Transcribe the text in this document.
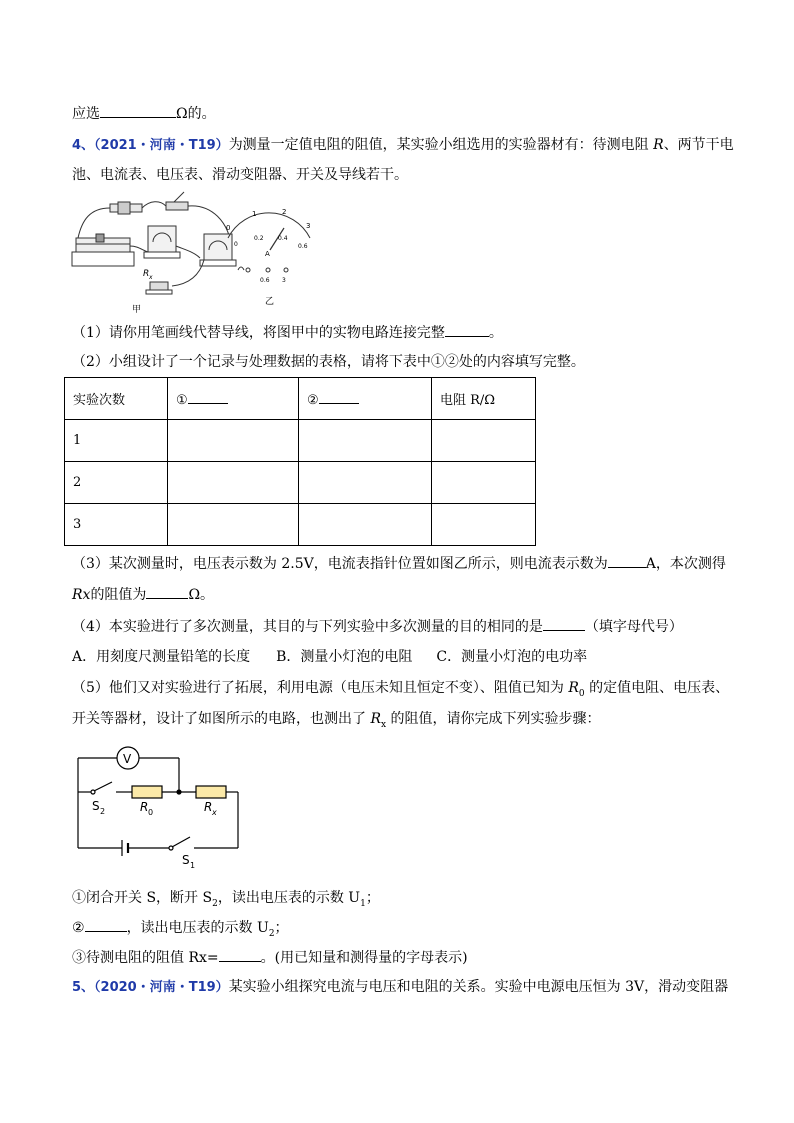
应选	Ω的。
4、（2021・河南・T19）为测量一定值电阻的阻值，某实验小组选用的实验器材有：待测电阻 R、两节干电
池、电流表、电压表、滑动变阻器、开关及导线若干。
甲
R x
0
1	2
3
0
0.2 0.4
0.6
A
0.6 3
乙
（1）请你用笔画线代替导线，将图甲中的实物电路连接完整	。
（2）小组设计了一个记录与处理数据的表格，请将下表中①②处的内容填写完整。
实验次数	①	②	电阻 R/Ω
1			
2			
3			
（3）某次测量时，电压表示数为 2.5V，电流表指针位置如图乙所示，则电流表示数为	A，本次测得
Rx的阻值为	Ω。
（4）本实验进行了多次测量，其目的与下列实验中多次测量的目的相同的是	（填字母代号）
A．用刻度尺测量铅笔的长度 B．测量小灯泡的电阻 C．测量小灯泡的电功率
（5）他们又对实验进行了拓展，利用电源（电压未知且恒定不变）、阻值已知为 $R_0$ 的定值电阻、电压表、
开关等器材，设计了如图所示的电路，也测出了 $R_x$ 的阻值，请你完成下列实验步骤：
V
S 2	R 0	R x
S 1
①闭合开关 S，断开 $S_2$，读出电压表的示数 $U_1$；
②	，读出电压表的示数 $U_2$；
③待测电阻的阻值 Rx=	。(用已知量和测得量的字母表示)
5、（2020・河南・T19）某实验小组探究电流与电压和电阻的关系。实验中电源电压恒为 3V，滑动变阻器
